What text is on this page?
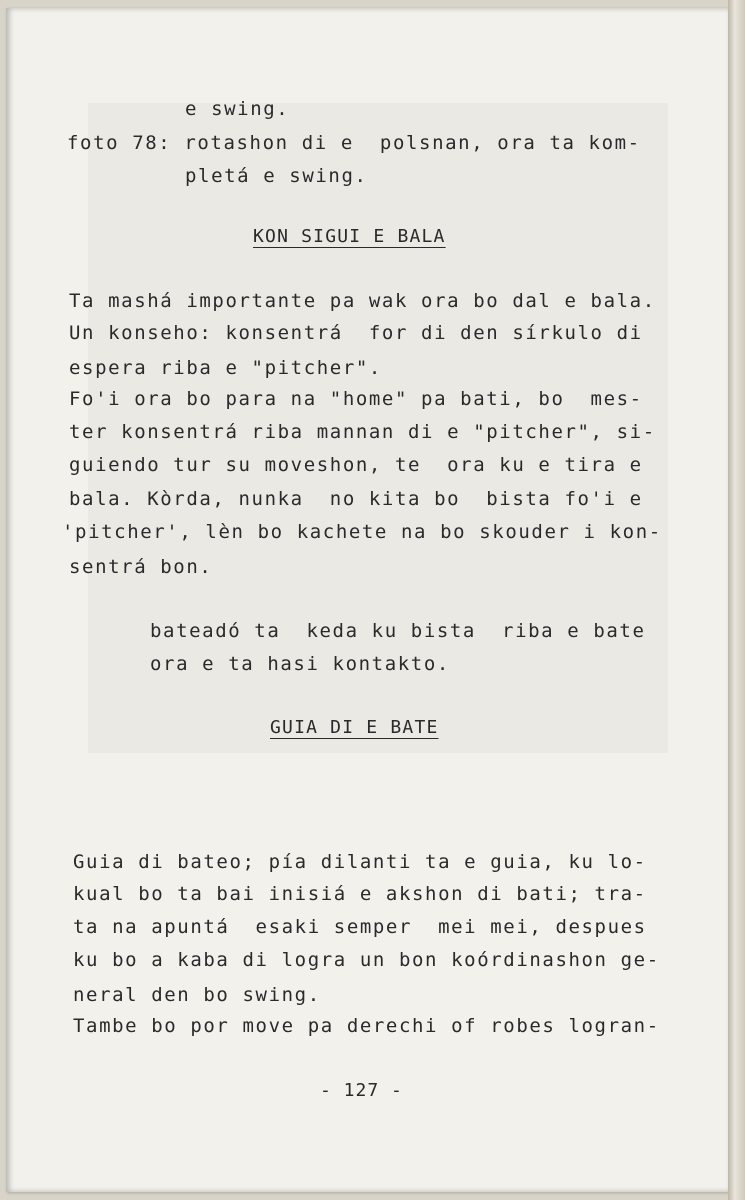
e swing.
foto 78: rotashon di e  polsnan, ora ta kom-
pletá e swing.
KON SIGUI E BALA
Ta mashá importante pa wak ora bo dal e bala.
Un konseho: konsentrá  for di den sírkulo di
espera riba e "pitcher".
Fo'i ora bo para na "home" pa bati, bo  mes-
ter konsentrá riba mannan di e "pitcher", si-
guiendo tur su moveshon, te  ora ku e tira e
bala. Kòrda, nunka  no kita bo  bista fo'i e
'pitcher', lèn bo kachete na bo skouder i kon-
sentrá bon.
bateadó ta  keda ku bista  riba e bate
ora e ta hasi kontakto.
GUIA DI E BATE
Guia di bateo; pía dilanti ta e guia, ku lo-
kual bo ta bai inisiá e akshon di bati; tra-
ta na apuntá  esaki semper  mei mei, despues
ku bo a kaba di logra un bon koórdinashon ge-
neral den bo swing.
Tambe bo por move pa derechi of robes logran-
- 127 -
